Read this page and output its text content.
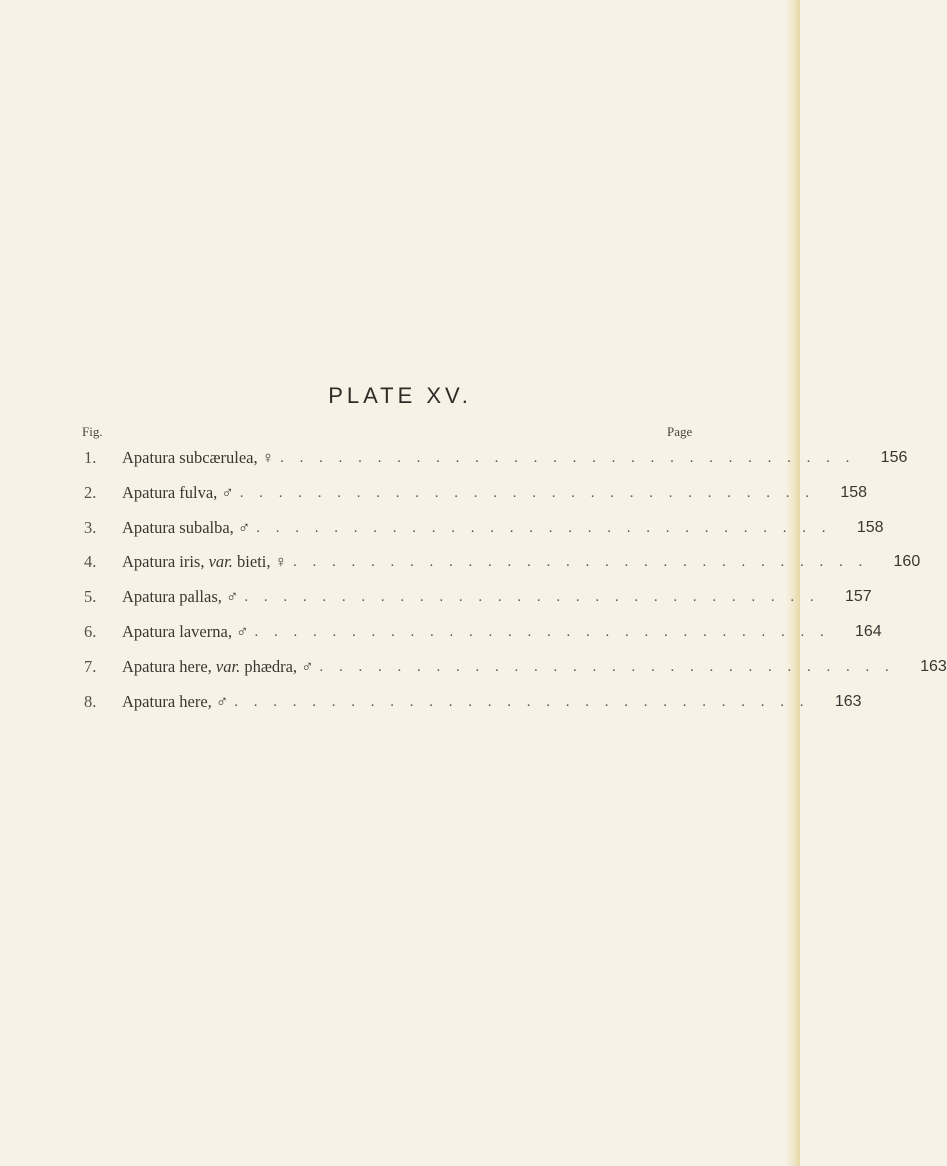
PLATE XV.
Fig.	Page
1.	Apatura subcærulea, ♀ . . . . . . . . . . . . . . . . . . . . . . . . . . . . . .	156
2.	Apatura fulva, ♂ . . . . . . . . . . . . . . . . . . . . . . . . . . . . . .	158
3.	Apatura subalba, ♂ . . . . . . . . . . . . . . . . . . . . . . . . . . . . . .	158
4.	Apatura iris, var. bieti, ♀ . . . . . . . . . . . . . . . . . . . . . . . . . . . . . .	160
5.	Apatura pallas, ♂ . . . . . . . . . . . . . . . . . . . . . . . . . . . . . .	157
6.	Apatura laverna, ♂ . . . . . . . . . . . . . . . . . . . . . . . . . . . . . .	164
7.	Apatura here, var. phædra, ♂ . . . . . . . . . . . . . . . . . . . . . . . . . . . . . .	163
8.	Apatura here, ♂ . . . . . . . . . . . . . . . . . . . . . . . . . . . . . .	163
